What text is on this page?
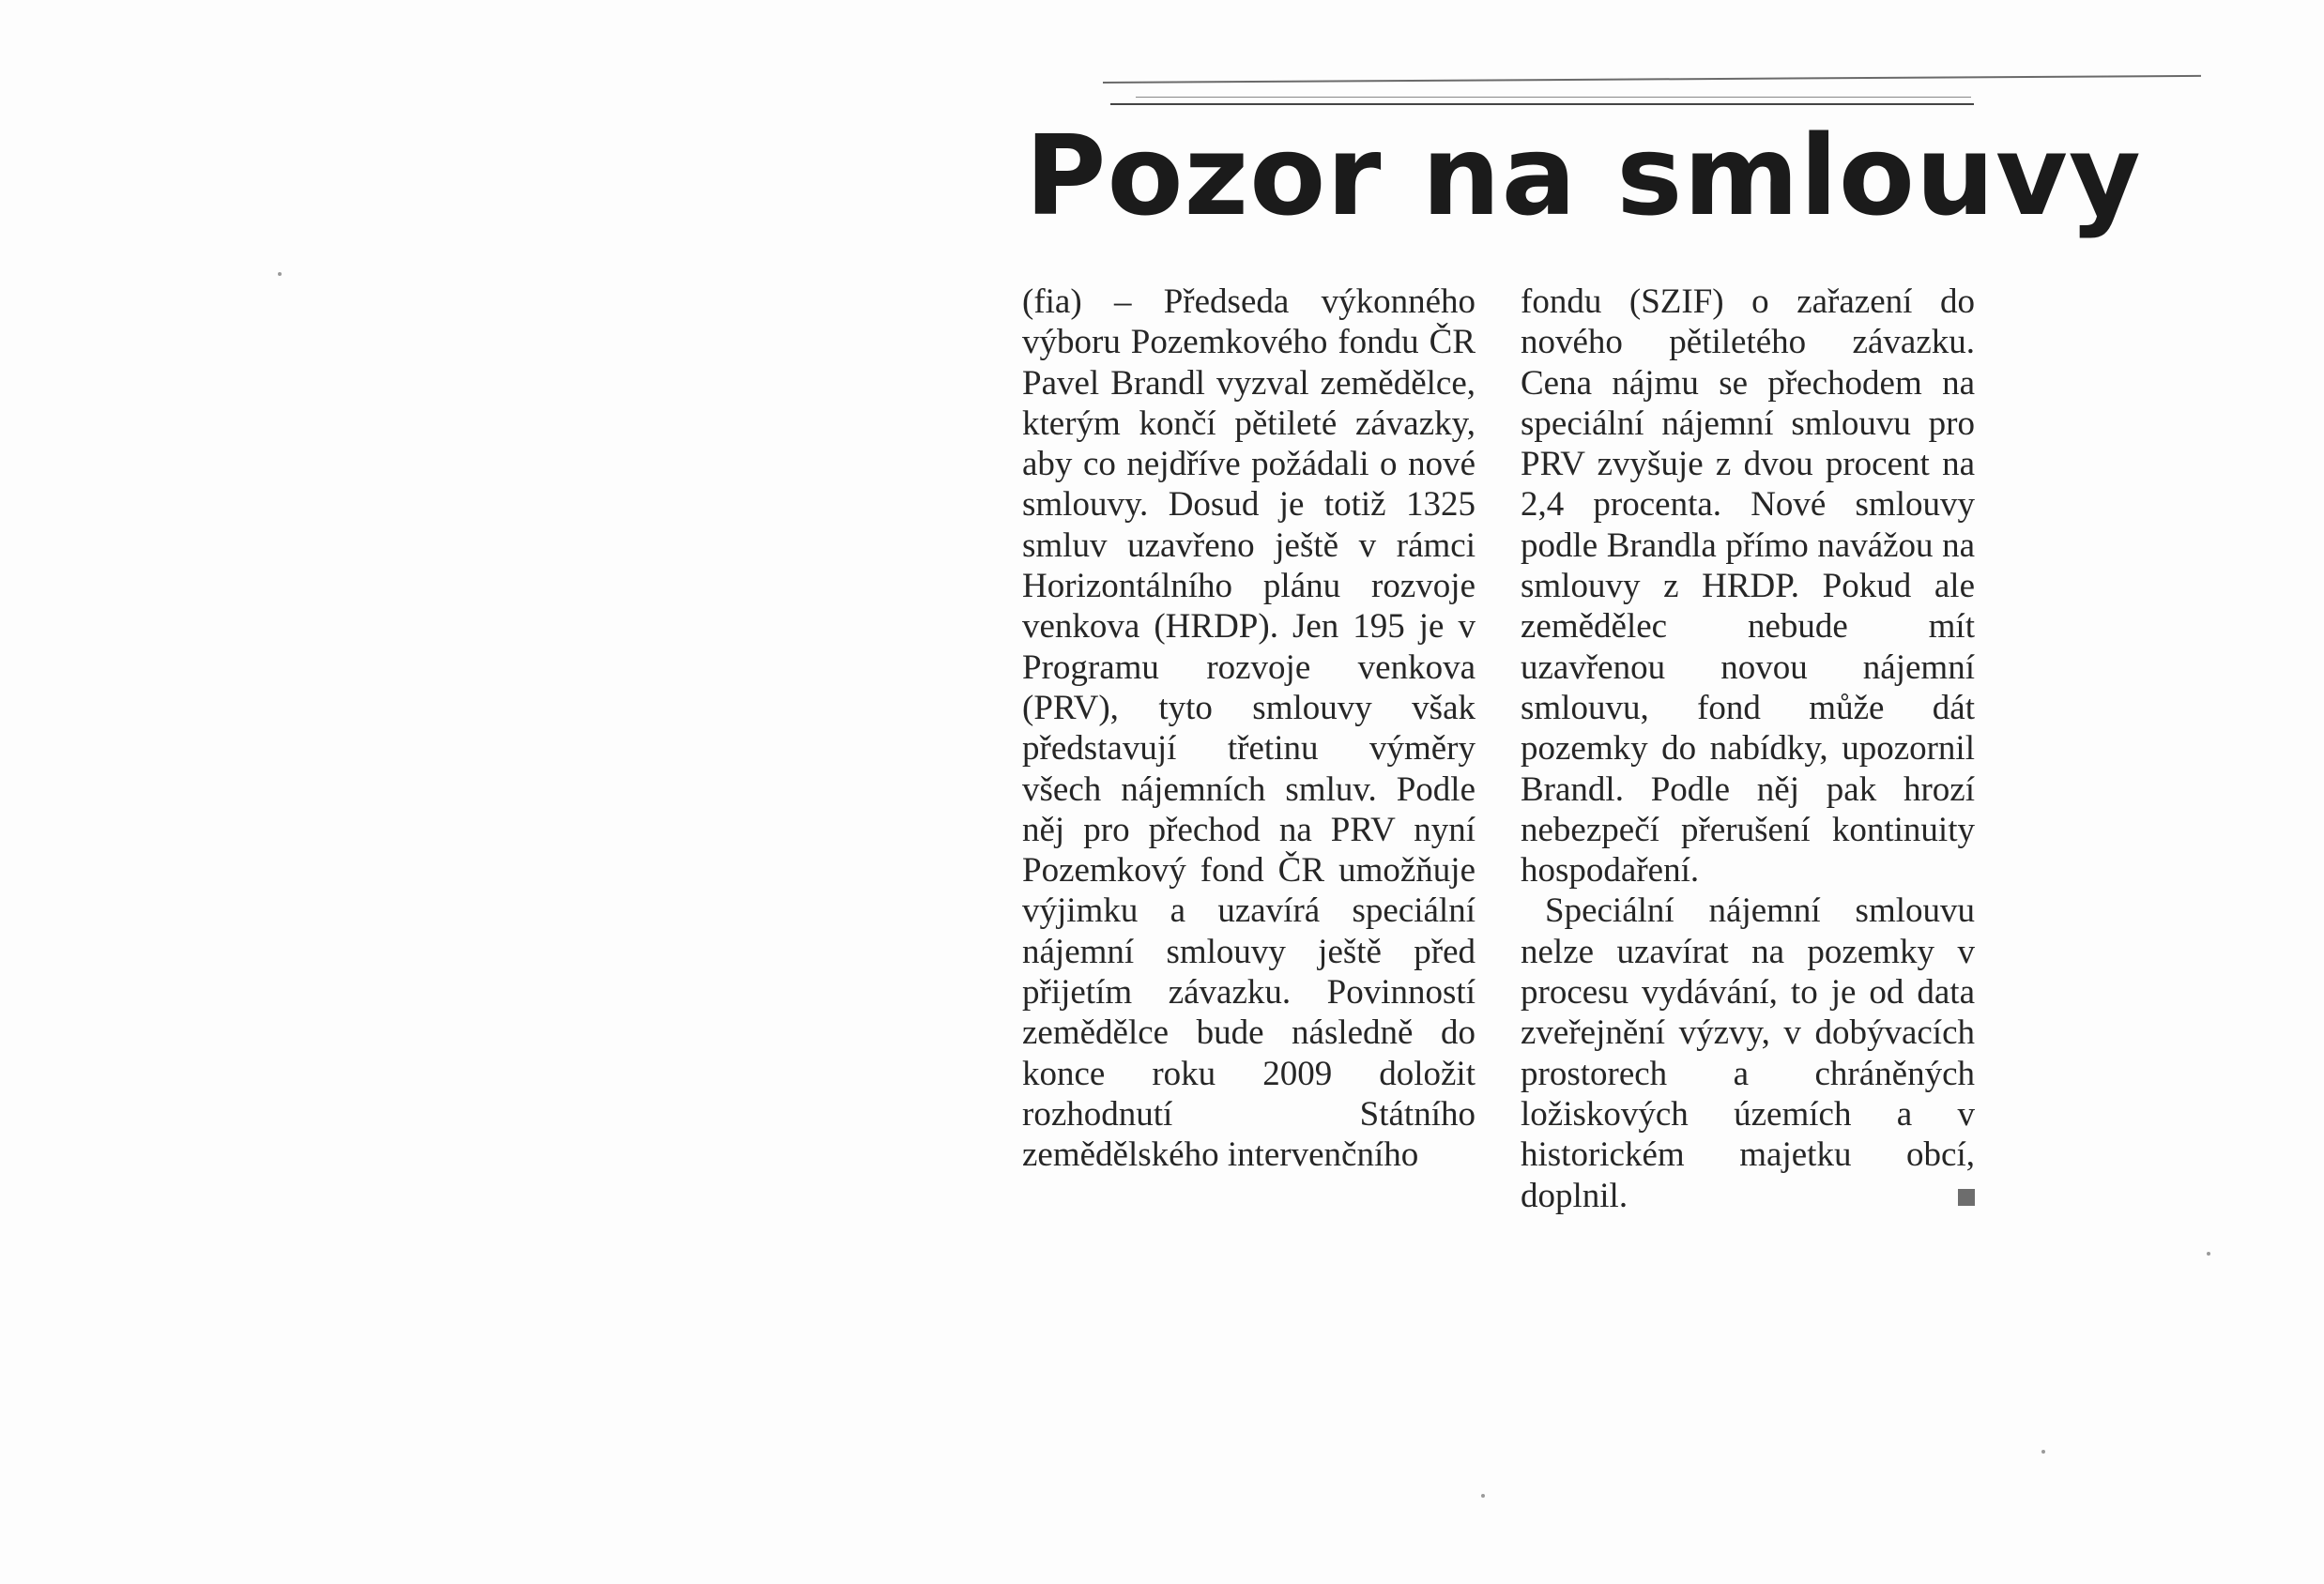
Pozor na smlouvy

(fia) – Předseda výkonného výboru Pozemkového fondu ČR Pavel Brandl vyzval zemědělce, kterým končí pětileté závazky, aby co nejdříve požádali o nové smlouvy. Dosud je totiž 1325 smluv uzavřeno ještě v rámci Horizontálního plánu rozvoje venkova (HRDP). Jen 195 je v Programu rozvoje venkova (PRV), tyto smlouvy však představují třetinu výměry všech nájemních smluv. Podle něj pro přechod na PRV nyní Pozemkový fond ČR umožňuje výjimku a uzavírá speciální nájemní smlouvy ještě před přijetím závazku. Povinností zemědělce bude následně do konce roku 2009 doložit rozhodnutí Státního zemědělského intervenčního

fondu (SZIF) o zařazení do nového pětiletého závazku. Cena nájmu se přechodem na speciální nájemní smlouvu pro PRV zvyšuje z dvou procent na 2,4 procenta. Nové smlouvy podle Brandla přímo navážou na smlouvy z HRDP. Pokud ale zemědělec nebude mít uzavřenou novou nájemní smlouvu, fond může dát pozemky do nabídky, upozornil Brandl. Podle něj pak hrozí nebezpečí přerušení kontinuity hospodaření.

Speciální nájemní smlouvu nelze uzavírat na pozemky v procesu vydávání, to je od data zveřejnění výzvy, v dobývacích prostorech a chráněných ložiskových územích a v historickém majetku obcí, doplnil.
